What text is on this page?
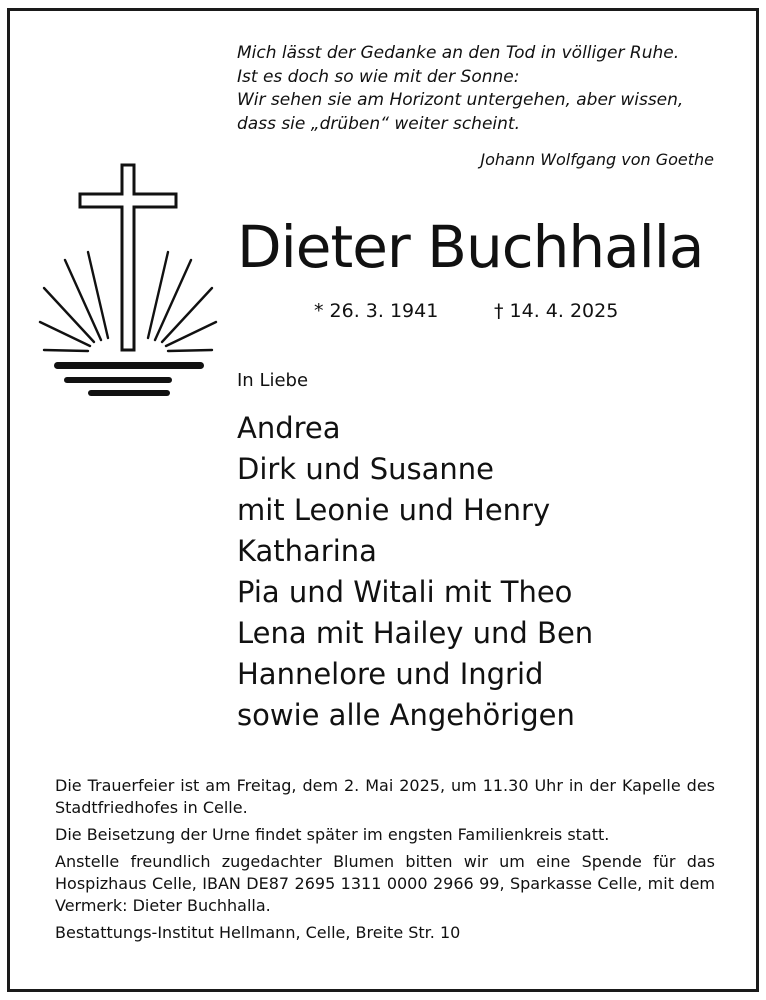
Mich lässt der Gedanke an den Tod in völliger Ruhe.
Ist es doch so wie mit der Sonne:
Wir sehen sie am Horizont untergehen, aber wissen,
dass sie „drüben“ weiter scheint.
Johann Wolfgang von Goethe
Dieter Buchhalla
* 26. 3. 1941	† 14. 4. 2025
In Liebe
Andrea
Dirk und Susanne
mit Leonie und Henry
Katharina
Pia und Witali mit Theo
Lena mit Hailey und Ben
Hannelore und Ingrid
sowie alle Angehörigen

Die Trauerfeier ist am Freitag, dem 2. Mai 2025, um 11.30 Uhr in der Kapelle des Stadtfriedhofes in Celle.

Die Beisetzung der Urne findet später im engsten Familienkreis statt.

Anstelle freundlich zugedachter Blumen bitten wir um eine Spende für das Hospizhaus Celle, IBAN DE87 2695 1311 0000 2966 99, Sparkasse Celle, mit dem Vermerk: Dieter Buchhalla.

Bestattungs-Institut Hellmann, Celle, Breite Str. 10
